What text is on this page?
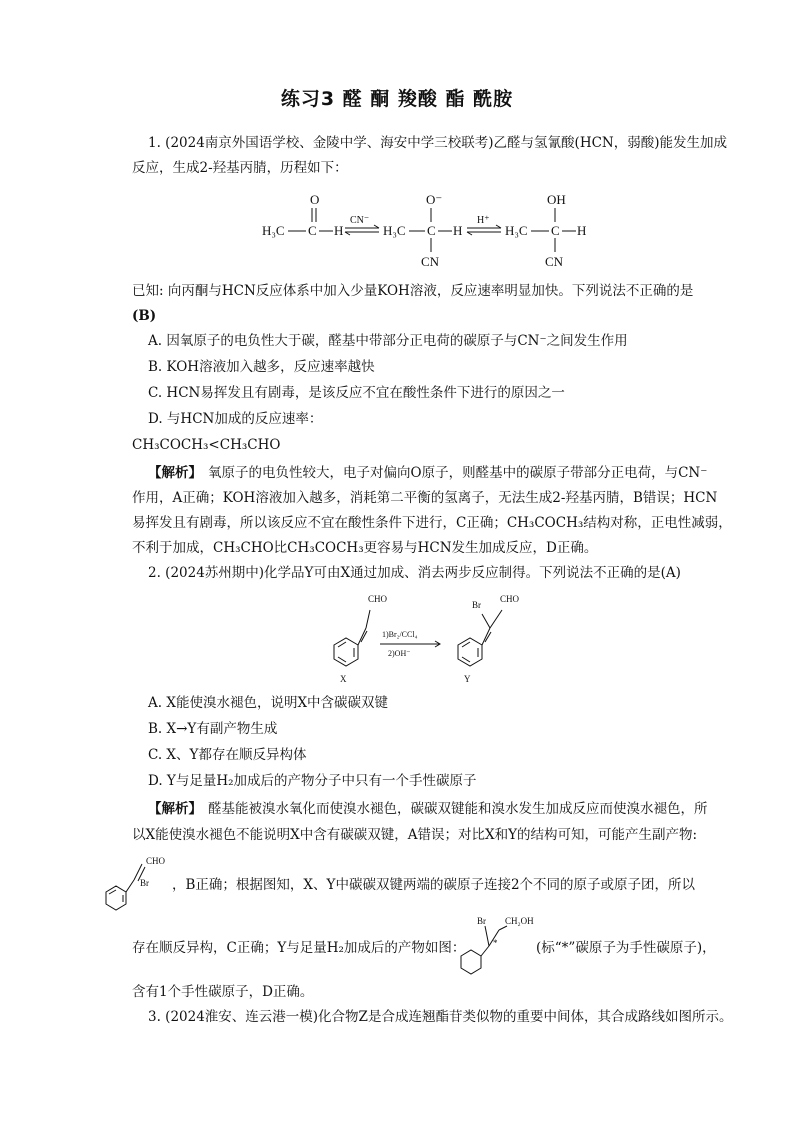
练习3 醛 酮 羧酸 酯 酰胺
1. (2024南京外国语学校、金陵中学、海安中学三校联考)乙醛与氢氰酸(HCN，弱酸)能发生加成
反应，生成2-羟基丙腈，历程如下：
O
H₃C C H
CN⁻
O⁻
H₃C C H
CN
H⁺
OH
H₃C C H
CN
已知: 向丙酮与HCN反应体系中加入少量KOH溶液，反应速率明显加快。下列说法不正确的是
(B)
A. 因氧原子的电负性大于碳，醛基中带部分正电荷的碳原子与CN⁻之间发生作用
B. KOH溶液加入越多，反应速率越快
C. HCN易挥发且有剧毒，是该反应不宜在酸性条件下进行的原因之一
D. 与HCN加成的反应速率：
CH₃COCH₃<CH₃CHO
【解析】 氧原子的电负性较大，电子对偏向O原子，则醛基中的碳原子带部分正电荷，与CN⁻
作用，A正确；KOH溶液加入越多，消耗第二平衡的氢离子，无法生成2-羟基丙腈，B错误；HCN
易挥发且有剧毒，所以该反应不宜在酸性条件下进行，C正确；CH₃COCH₃结构对称，正电性减弱，
不利于加成，CH₃CHO比CH₃COCH₃更容易与HCN发生加成反应，D正确。
2. (2024苏州期中)化学品Y可由X通过加成、消去两步反应制得。下列说法不正确的是(A)
CHO
X
1)Br₂/CCl₄
2)OH⁻
CHO
Br
Y
A. X能使溴水褪色，说明X中含碳碳双键
B. X→Y有副产物生成
C. X、Y都存在顺反异构体
D. Y与足量H₂加成后的产物分子中只有一个手性碳原子
【解析】 醛基能被溴水氧化而使溴水褪色，碳碳双键能和溴水发生加成反应而使溴水褪色，所
以X能使溴水褪色不能说明X中含有碳碳双键，A错误；对比X和Y的结构可知，可能产生副产物:
CHO
Br ，B正确；根据图知，X、Y中碳碳双键两端的碳原子连接2个不同的原子或原子团，所以
存在顺反异构，C正确；Y与足量H₂加成后的产物如图：
Br CH₂OH
*	(标“*”碳原子为手性碳原子)，
含有1个手性碳原子，D正确。
3. (2024淮安、连云港一模)化合物Z是合成连翘酯苷类似物的重要中间体，其合成路线如图所示。
